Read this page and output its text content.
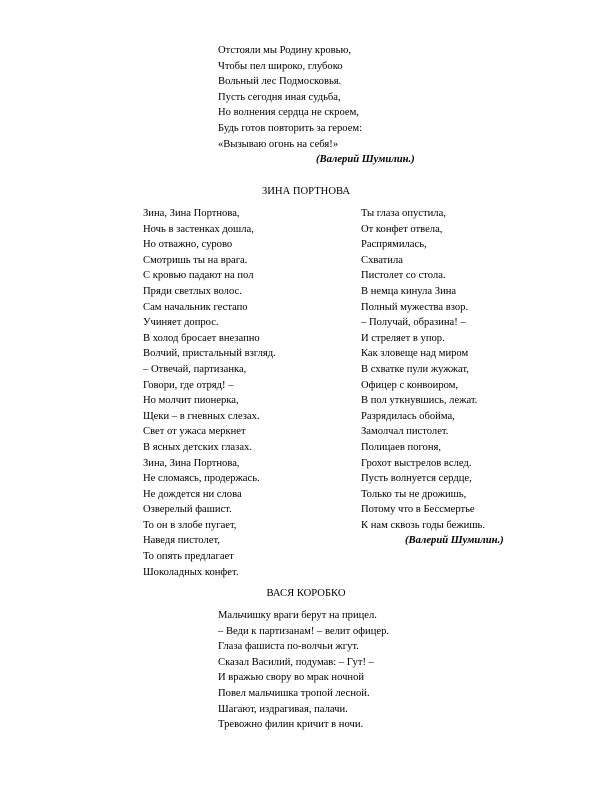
Отстояли мы Родину кровью,
Чтобы пел широко, глубоко
Вольный лес Подмосковья.
Пусть сегодня иная судьба,
Но волнения сердца не скроем,
Будь готов повторить за героем:
«Вызываю огонь на себя!»
(Валерий Шумилин.)
ЗИНА ПОРТНОВА
Зина, Зина Портнова,
Ночь в застенках дошла,
Но отважно, сурово
Смотришь ты на врага.
С кровью падают на пол
Пряди светлых волос.
Сам начальник гестапо
Учиняет допрос.
В холод бросает внезапно
Волчий, пристальный взгляд.
– Отвечай, партизанка,
Говори, где отряд! –
Но молчит пионерка,
Щеки – в гневных слезах.
Свет от ужаса меркнет
В ясных детских глазах.
Зина, Зина Портнова,
Не сломаясь, продержась.
Не дождется ни слова
Озверелый фашист.
То он в злобе пугает,
Наведя пистолет,
То опять предлагает
Шоколадных конфет.
Ты глаза опустила,
От конфет отвела,
Распрямилась,
Схватила
Пистолет со стола.
В немца кинула Зина
Полный мужества взор.
– Получай, образина! –
И стреляет в упор.
Как зловеще над миром
В схватке пули жужжат,
Офицер с конвоиром,
В пол уткнувшись, лежат.
Разрядилась обойма,
Замолчал пистолет.
Полицаев погоня,
Грохот выстрелов вслед.
Пусть волнуется сердце,
Только ты не дрожишь,
Потому что в Бессмертье
К нам сквозь годы бежишь.
(Валерий Шумилин.)
ВАСЯ КОРОБКО
Мальчишку враги берут на прицел.
– Веди к партизанам! – велит офицер.
Глаза фашиста по-волчьи жгут.
Сказал Василий, подумав: – Гут! –
И вражью свору во мрак ночной
Повел мальчишка тропой лесной.
Шагают, издрагивая, палачи.
Тревожно филин кричит в ночи.
